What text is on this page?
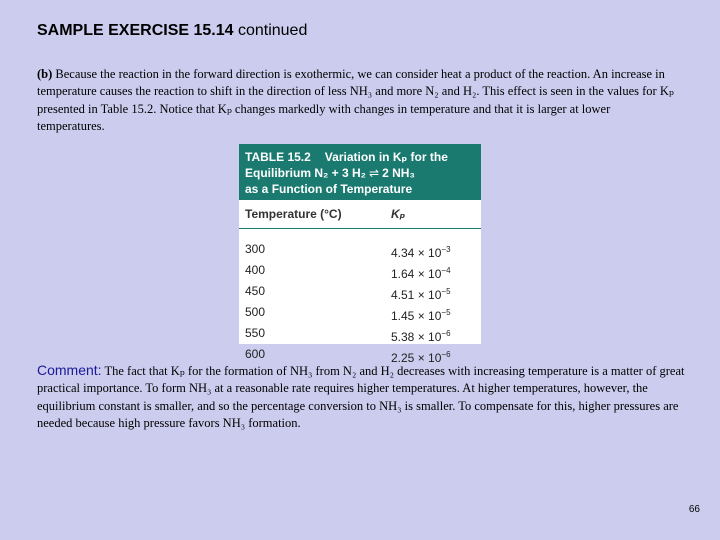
SAMPLE EXERCISE 15.14 continued
(b) Because the reaction in the forward direction is exothermic, we can consider heat a product of the reaction. An increase in temperature causes the reaction to shift in the direction of less NH₃ and more N₂ and H₂. This effect is seen in the values for Kₚ presented in Table 15.2. Notice that Kₚ changes markedly with changes in temperature and that it is larger at lower temperatures.
TABLE 15.2 Variation in Kₚ for the
Equilibrium N₂ + 3 H₂ ⇌ 2 NH₃
as a Function of Temperature
Temperature (°C)	Kₚ
300	$4.34 \times 10^{-3}$
400	$1.64 \times 10^{-4}$
450	$4.51 \times 10^{-5}$
500	$1.45 \times 10^{-5}$
550	$5.38 \times 10^{-6}$
600	$2.25 \times 10^{-6}$
Comment: The fact that Kₚ for the formation of NH₃ from N₂ and H₂ decreases with increasing temperature is a matter of great practical importance. To form NH₃ at a reasonable rate requires higher temperatures. At higher temperatures, however, the equilibrium constant is smaller, and so the percentage conversion to NH₃ is smaller. To compensate for this, higher pressures are needed because high pressure favors NH₃ formation.
66
